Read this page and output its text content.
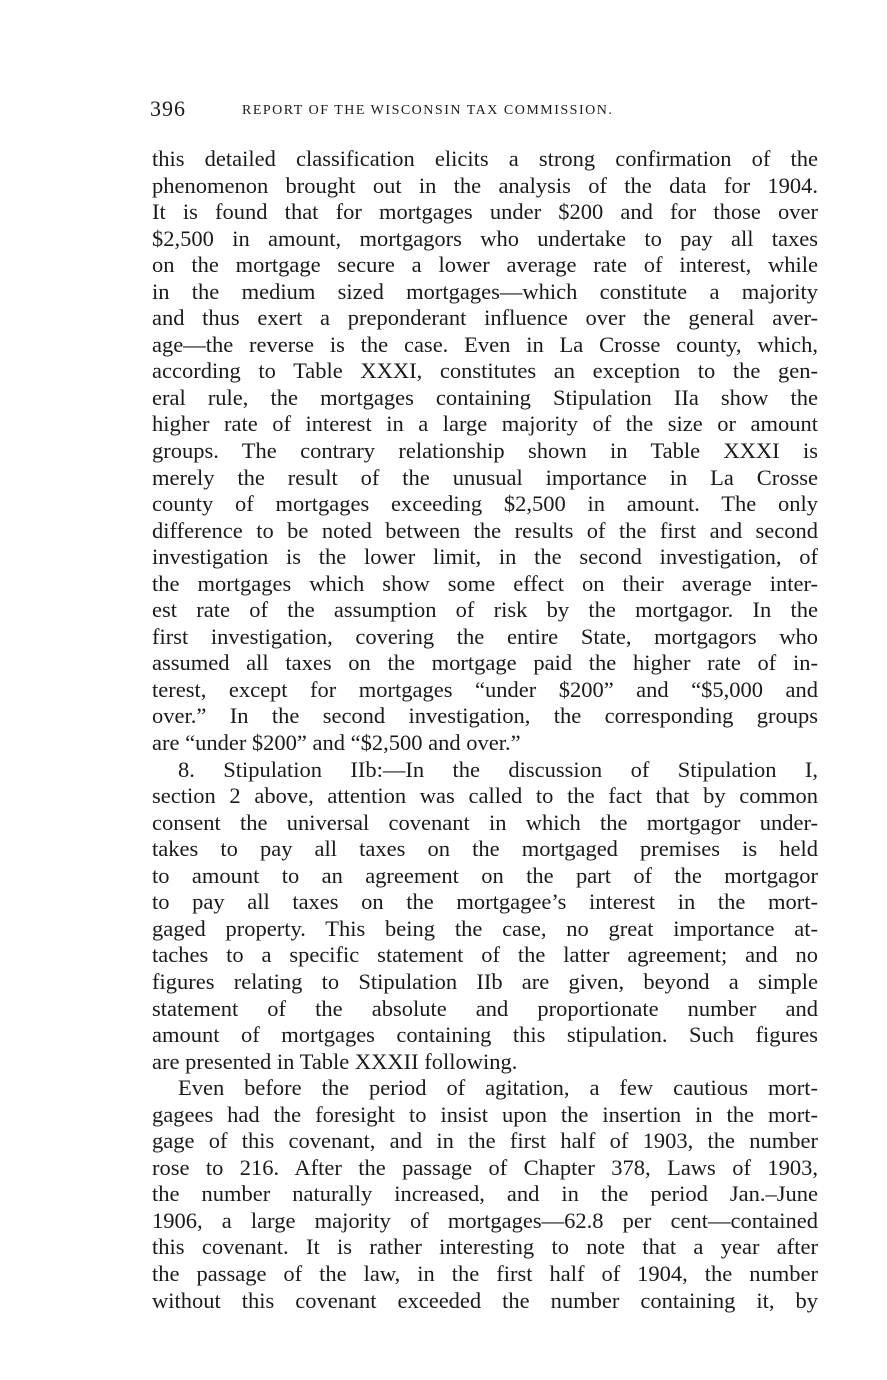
396	REPORT OF THE WISCONSIN TAX COMMISSION.
this detailed classification elicits a strong confirmation of the
phenomenon brought out in the analysis of the data for 1904.
It is found that for mortgages under $200 and for those over
$2,500 in amount, mortgagors who undertake to pay all taxes
on the mortgage secure a lower average rate of interest, while
in the medium sized mortgages—which constitute a majority
and thus exert a preponderant influence over the general aver-
age—the reverse is the case. Even in La Crosse county, which,
according to Table XXXI, constitutes an exception to the gen-
eral rule, the mortgages containing Stipulation IIa show the
higher rate of interest in a large majority of the size or amount
groups. The contrary relationship shown in Table XXXI is
merely the result of the unusual importance in La Crosse
county of mortgages exceeding $2,500 in amount. The only
difference to be noted between the results of the first and second
investigation is the lower limit, in the second investigation, of
the mortgages which show some effect on their average inter-
est rate of the assumption of risk by the mortgagor. In the
first investigation, covering the entire State, mortgagors who
assumed all taxes on the mortgage paid the higher rate of in-
terest, except for mortgages “under $200” and “$5,000 and
over.” In the second investigation, the corresponding groups
are “under $200” and “$2,500 and over.”
8. Stipulation IIb:—In the discussion of Stipulation I,
section 2 above, attention was called to the fact that by common
consent the universal covenant in which the mortgagor under-
takes to pay all taxes on the mortgaged premises is held
to amount to an agreement on the part of the mortgagor
to pay all taxes on the mortgagee’s interest in the mort-
gaged property. This being the case, no great importance at-
taches to a specific statement of the latter agreement; and no
figures relating to Stipulation IIb are given, beyond a simple
statement of the absolute and proportionate number and
amount of mortgages containing this stipulation. Such figures
are presented in Table XXXII following.
Even before the period of agitation, a few cautious mort-
gagees had the foresight to insist upon the insertion in the mort-
gage of this covenant, and in the first half of 1903, the number
rose to 216. After the passage of Chapter 378, Laws of 1903,
the number naturally increased, and in the period Jan.–June
1906, a large majority of mortgages—62.8 per cent—contained
this covenant. It is rather interesting to note that a year after
the passage of the law, in the first half of 1904, the number
without this covenant exceeded the number containing it, by
